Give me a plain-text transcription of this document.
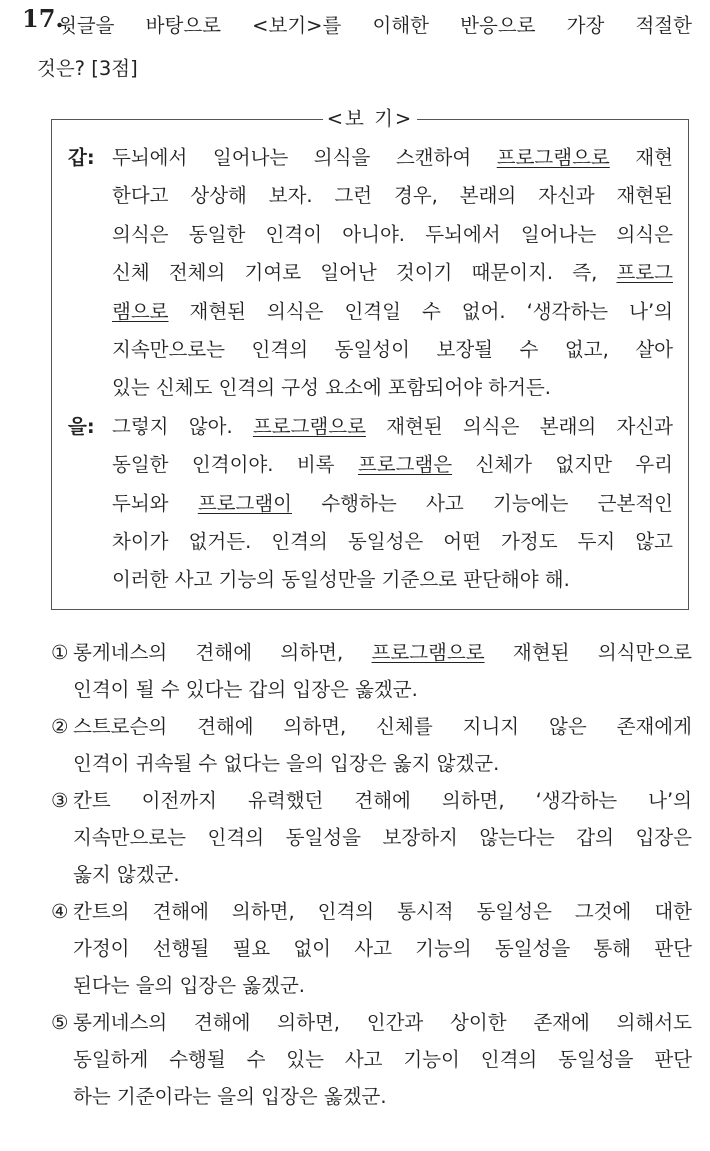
17.
윗글을 바탕으로 <보기>를 이해한 반응으로 가장 적절한
것은? [3점]
<보 기>
갑: 두뇌에서 일어나는 의식을 스캔하여 프로그램으로 재현
한다고 상상해 보자. 그런 경우, 본래의 자신과 재현된
의식은 동일한 인격이 아니야. 두뇌에서 일어나는 의식은
신체 전체의 기여로 일어난 것이기 때문이지. 즉, 프로그
램으로 재현된 의식은 인격일 수 없어. ‘생각하는 나’의
지속만으로는 인격의 동일성이 보장될 수 없고, 살아
있는 신체도 인격의 구성 요소에 포함되어야 하거든.
을: 그렇지 않아. 프로그램으로 재현된 의식은 본래의 자신과
동일한 인격이야. 비록 프로그램은 신체가 없지만 우리
두뇌와 프로그램이 수행하는 사고 기능에는 근본적인
차이가 없거든. 인격의 동일성은 어떤 가정도 두지 않고
이러한 사고 기능의 동일성만을 기준으로 판단해야 해.
① 롱게네스의 견해에 의하면, 프로그램으로 재현된 의식만으로
인격이 될 수 있다는 갑의 입장은 옳겠군.
② 스트로슨의 견해에 의하면, 신체를 지니지 않은 존재에게
인격이 귀속될 수 없다는 을의 입장은 옳지 않겠군.
③ 칸트 이전까지 유력했던 견해에 의하면, ‘생각하는 나’의
지속만으로는 인격의 동일성을 보장하지 않는다는 갑의 입장은
옳지 않겠군.
④ 칸트의 견해에 의하면, 인격의 통시적 동일성은 그것에 대한
가정이 선행될 필요 없이 사고 기능의 동일성을 통해 판단
된다는 을의 입장은 옳겠군.
⑤ 롱게네스의 견해에 의하면, 인간과 상이한 존재에 의해서도
동일하게 수행될 수 있는 사고 기능이 인격의 동일성을 판단
하는 기준이라는 을의 입장은 옳겠군.
